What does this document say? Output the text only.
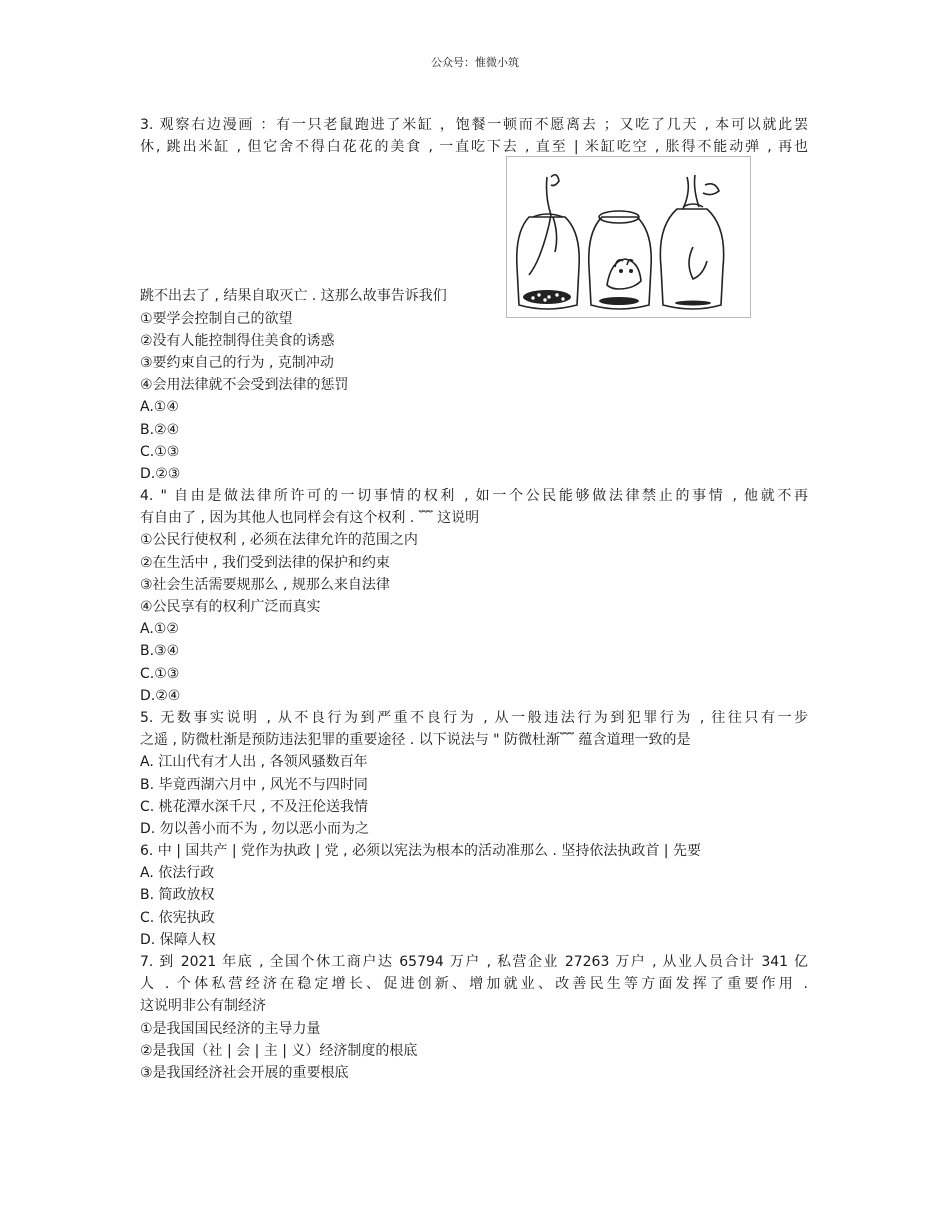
公众号：惟微小筑
3. 观察右边漫画 ：有一只老鼠跑进了米缸 ，饱餐一顿而不愿离去 ；又吃了几天 , 本可以就此罢
休, 跳出米缸 , 但它舍不得白花花的美食 , 一直吃下去 , 直至 | 米缸吃空 , 胀得不能动弹 , 再也
跳不出去了 , 结果自取灭亡 . 这那么故事告诉我们
①要学会控制自己的欲望
②没有人能控制得住美食的诱惑
③要约束自己的行为 , 克制冲动
④会用法律就不会受到法律的惩罚
A.①④
B.②④
C.①③
D.②③
4. " 自由是做法律所许可的一切事情的权利 , 如一个公民能够做法律禁止的事情 , 他就不再
有自由了 , 因为其他人也同样会有这个权利 . ﹌ 这说明
①公民行使权利 , 必须在法律允许的范围之内
②在生活中 , 我们受到法律的保护和约束
③社会生活需要规那么 , 规那么来自法律
④公民享有的权利广泛而真实
A.①②
B.③④
C.①③
D.②④
5. 无数事实说明 , 从不良行为到严重不良行为 , 从一般违法行为到犯罪行为 , 往往只有一步
之遥 , 防微杜渐是预防违法犯罪的重要途径 . 以下说法与 " 防微杜渐﹌ 蕴含道理一致的是
A. 江山代有才人出 , 各领风骚数百年
B. 毕竟西湖六月中 , 风光不与四时同
C. 桃花潭水深千尺 , 不及汪伦送我情
D. 勿以善小而不为 , 勿以恶小而为之
6. 中 | 国共产 | 党作为执政 | 党 , 必须以宪法为根本的活动准那么 . 坚持依法执政首 | 先要
A. 依法行政
B. 简政放权
C. 依宪执政
D. 保障人权
7. 到 2021 年底 , 全国个休工商户达 65794 万户 , 私营企业 27263 万户 , 从业人员合计 341 亿
人 . 个体私营经济在稳定增长、促进创新、增加就业、改善民生等方面发挥了重要作用 .
这说明非公有制经济
①是我国国民经济的主导力量
②是我国（社 | 会 | 主 | 义）经济制度的根底
③是我国经济社会开展的重要根底
